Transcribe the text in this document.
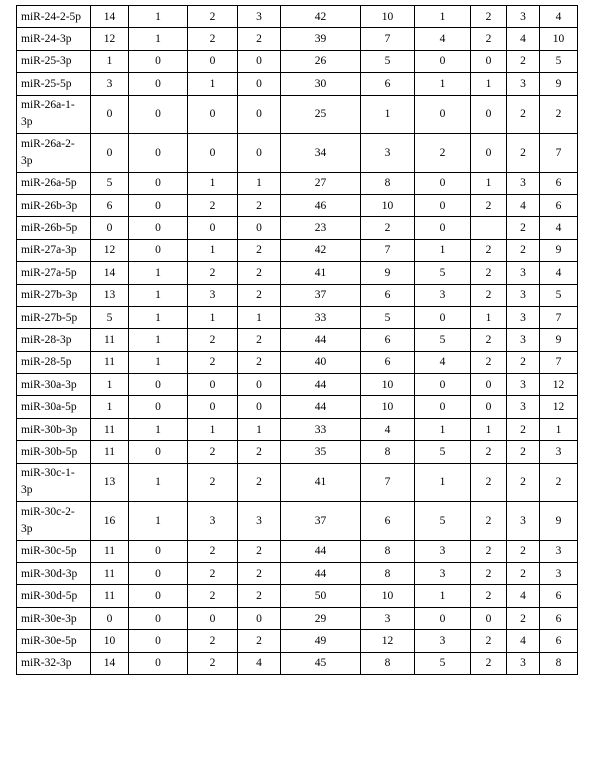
miR-24-2-5p	14	1	2	3	42	10	1	2	3	4
miR-24-3p	12	1	2	2	39	7	4	2	4	10
miR-25-3p	1	0	0	0	26	5	0	0	2	5
miR-25-5p	3	0	1	0	30	6	1	1	3	9
miR-26a-1-3p	0	0	0	0	25	1	0	0	2	2
miR-26a-2-3p	0	0	0	0	34	3	2	0	2	7
miR-26a-5p	5	0	1	1	27	8	0	1	3	6
miR-26b-3p	6	0	2	2	46	10	0	2	4	6
miR-26b-5p	0	0	0	0	23	2	0		2	4
miR-27a-3p	12	0	1	2	42	7	1	2	2	9
miR-27a-5p	14	1	2	2	41	9	5	2	3	4
miR-27b-3p	13	1	3	2	37	6	3	2	3	5
miR-27b-5p	5	1	1	1	33	5	0	1	3	7
miR-28-3p	11	1	2	2	44	6	5	2	3	9
miR-28-5p	11	1	2	2	40	6	4	2	2	7
miR-30a-3p	1	0	0	0	44	10	0	0	3	12
miR-30a-5p	1	0	0	0	44	10	0	0	3	12
miR-30b-3p	11	1	1	1	33	4	1	1	2	1
miR-30b-5p	11	0	2	2	35	8	5	2	2	3
miR-30c-1-3p	13	1	2	2	41	7	1	2	2	2
miR-30c-2-3p	16	1	3	3	37	6	5	2	3	9
miR-30c-5p	11	0	2	2	44	8	3	2	2	3
miR-30d-3p	11	0	2	2	44	8	3	2	2	3
miR-30d-5p	11	0	2	2	50	10	1	2	4	6
miR-30e-3p	0	0	0	0	29	3	0	0	2	6
miR-30e-5p	10	0	2	2	49	12	3	2	4	6
miR-32-3p	14	0	2	4	45	8	5	2	3	8
